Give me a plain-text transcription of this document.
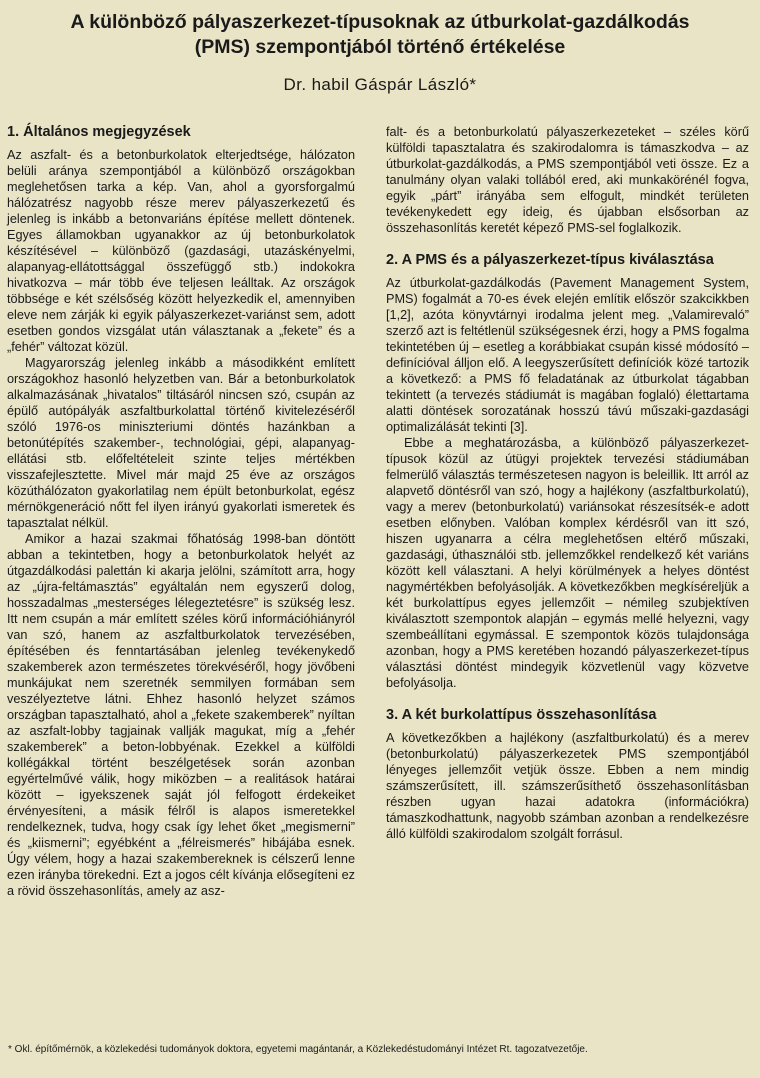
A különböző pályaszerkezet-típusoknak az útburkolat-gazdálkodás
(PMS) szempontjából történő értékelése

Dr. habil Gáspár László*

1. Általános megjegyzések

Az aszfalt- és a betonburkolatok elterjedtsége, hálózaton belüli aránya szempontjából a különböző országokban meglehetősen tarka a kép. Van, ahol a gyorsforgalmú hálózatrész nagyobb része merev pályaszerkezetű és jelenleg is inkább a betonvariáns építése mellett döntenek. Egyes államokban ugyanakkor az új betonburkolatok készítésével – különböző (gazdasági, utazáskényelmi, alapanyag-ellátottsággal összefüggő stb.) indokokra hivatkozva – már több éve teljesen leálltak. Az országok többsége e két szélsőség között helyezkedik el, amennyiben eleve nem zárják ki egyik pályaszerkezet-variánst sem, adott esetben gondos vizsgálat után választanak a „fekete” és a „fehér” változat közül.

Magyarország jelenleg inkább a másodikként említett országokhoz hasonló helyzetben van. Bár a betonburkolatok alkalmazásának „hivatalos” tiltásáról nincsen szó, csupán az épülő autópályák aszfaltburkolattal történő kivitelezéséről szóló 1976-os miniszteriumi döntés hazánkban a betonútépítés szakember-, technológiai, gépi, alapanyag-ellátási stb. előfeltételeit szinte teljes mértékben visszafejlesztette. Mivel már majd 25 éve az országos közúthálózaton gyakorlatilag nem épült betonburkolat, egész mérnökgeneráció nőtt fel ilyen irányú gyakorlati ismeretek és tapasztalat nélkül.

Amikor a hazai szakmai főhatóság 1998-ban döntött abban a tekintetben, hogy a betonburkolatok helyét az útgazdálkodási palettán ki akarja jelölni, számított arra, hogy az „újra-feltámasztás” egyáltalán nem egyszerű dolog, hosszadalmas „mesterséges lélegeztetésre” is szükség lesz. Itt nem csupán a már említett széles körű információhiányról van szó, hanem az aszfaltburkolatok tervezésében, építésében és fenntartásában jelenleg tevékenykedő szakemberek azon természetes törekvéséről, hogy jövőbeni munkájukat nem szeretnék semmilyen formában sem veszélyeztetve látni. Ehhez hasonló helyzet számos országban tapasztalható, ahol a „fekete szakemberek” nyíltan az aszfalt-lobby tagjainak vallják magukat, míg a „fehér szakemberek” a beton-lobbyénak. Ezekkel a külföldi kollégákkal történt beszélgetések során azonban egyértelművé válik, hogy miközben – a realitások határai között – igyekszenek saját jól felfogott érdekeiket érvényesíteni, a másik félről is alapos ismeretekkel rendelkeznek, tudva, hogy csak így lehet őket „megismerni” és „kiismerni”; egyébként a „félreismerés” hibájába esnek. Úgy vélem, hogy a hazai szakembereknek is célszerű lenne ezen irányba törekedni. Ezt a jogos célt kívánja elősegíteni ez a rövid összehasonlítás, amely az asz-

falt- és a betonburkolatú pályaszerkezeteket – széles körű külföldi tapasztalatra és szakirodalomra is támaszkodva – az útburkolat-gazdálkodás, a PMS szempontjából veti össze. Ez a tanulmány olyan valaki tollából ered, aki munkakörénél fogva, egyik „párt” irányába sem elfogult, mindkét területen tevékenykedett egy ideig, és újabban elsősorban az összehasonlítás keretét képező PMS-sel foglalkozik.

2. A PMS és a pályaszerkezet-típus kiválasztása

Az útburkolat-gazdálkodás (Pavement Management System, PMS) fogalmát a 70-es évek elején említik először szakcikkben [1,2], azóta könyvtárnyi irodalma jelent meg. „Valamirevaló” szerző azt is feltétlenül szükségesnek érzi, hogy a PMS fogalma tekintetében új – esetleg a korábbiakat csupán kissé módosító – definícióval álljon elő. A leegyszerűsített definíciók közé tartozik a következő: a PMS fő feladatának az útburkolat tágabban tekintett (a tervezés stádiumát is magában foglaló) élettartama alatti döntések sorozatának hosszú távú műszaki-gazdasági optimalizálását tekinti [3].

Ebbe a meghatározásba, a különböző pályaszerkezet-típusok közül az útügyi projektek tervezési stádiumában felmerülő választás természetesen nagyon is beleillik. Itt arról az alapvető döntésről van szó, hogy a hajlékony (aszfaltburkolatú), vagy a merev (betonburkolatú) variánsokat részesítsék-e adott esetben előnyben. Valóban komplex kérdésről van itt szó, hiszen ugyanarra a célra meglehetősen eltérő műszaki, gazdasági, úthasználói stb. jellemzőkkel rendelkező két variáns között kell választani. A helyi körülmények a helyes döntést nagymértékben befolyásolják. A következőkben megkíséreljük a két burkolattípus egyes jellemzőit – némileg szubjektíven kiválasztott szempontok alapján – egymás mellé helyezni, vagy szembeállítani egymással. E szempontok közös tulajdonsága azonban, hogy a PMS keretében hozandó pályaszerkezet-típus választási döntést mindegyik közvetlenül vagy közvetve befolyásolja.

3. A két burkolattípus összehasonlítása

A következőkben a hajlékony (aszfaltburkolatú) és a merev (betonburkolatú) pályaszerkezetek PMS szempontjából lényeges jellemzőit vetjük össze. Ebben a nem mindig számszerűsített, ill. számszerűsíthető összehasonlításban részben ugyan hazai adatokra (információkra) támaszkodhattunk, nagyobb számban azonban a rendelkezésre álló külföldi szakirodalom szolgált forrásul.

* Okl. építőmérnök, a közlekedési tudományok doktora, egyetemi magántanár, a Közlekedéstudományi Intézet Rt. tagozatvezetője.
